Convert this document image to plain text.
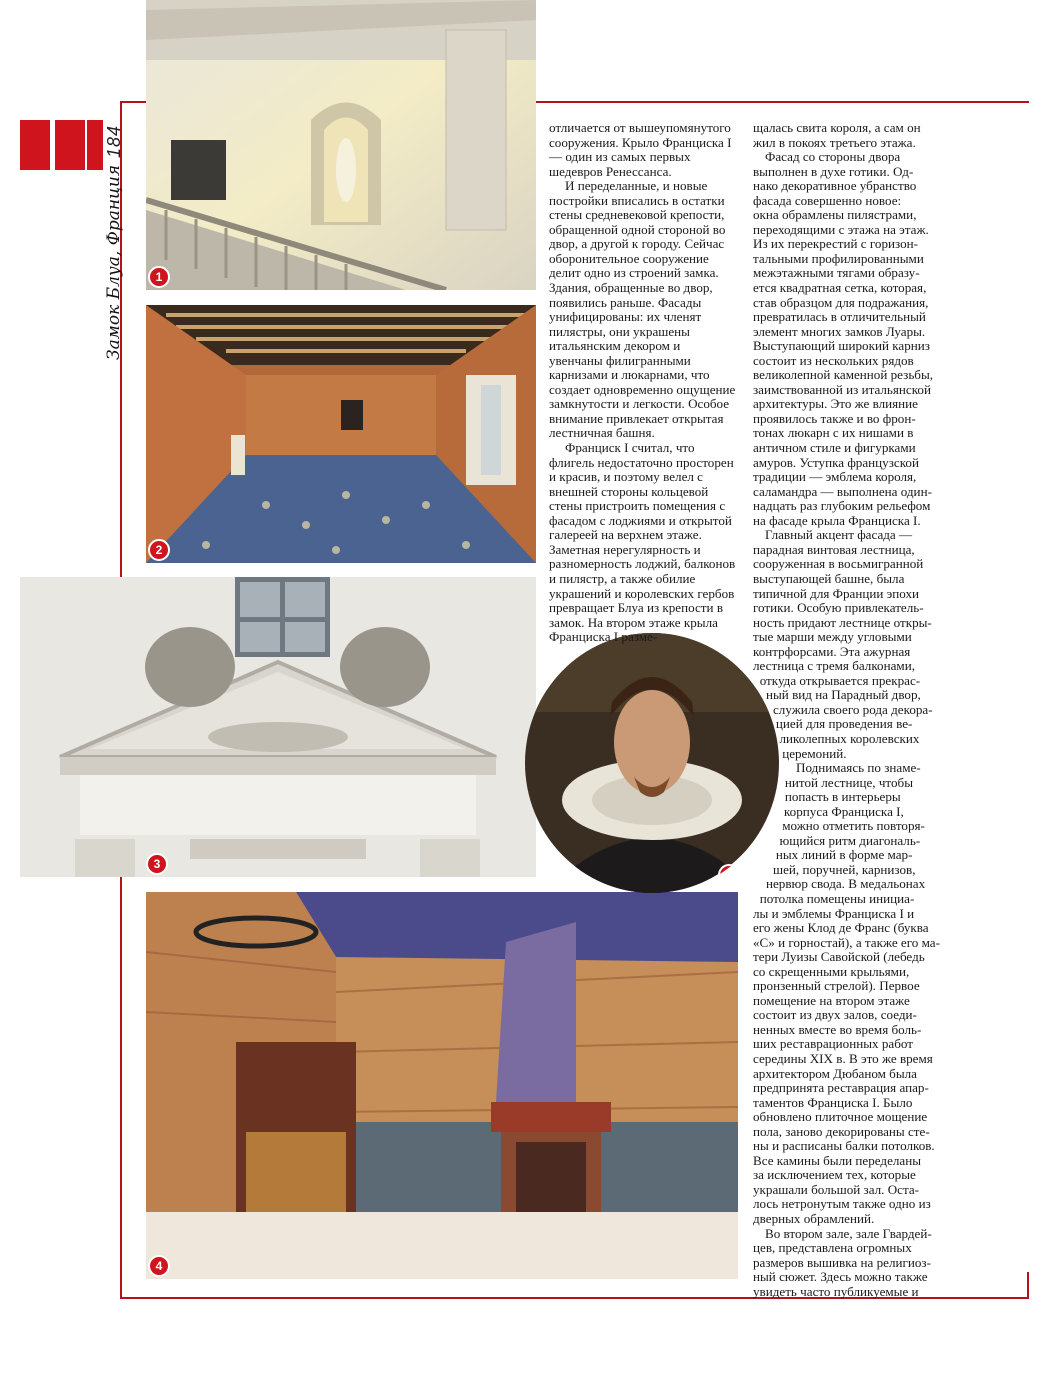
184
Замок Блуа, Франция	1
2
3
4
5

отличается от вышеупомянутого сооружения. Крыло Франциска I — один из самых первых шедевров Ренессанса.

И переделанные, и новые постройки вписались в остатки стены средневековой крепости, обращенной одной стороной во двор, а другой к городу. Сейчас оборонительное сооружение делит одно из строений замка. Здания, обращенные во двор, появились раньше. Фасады унифицированы: их членят пилястры, они украшены итальянским декором и увенчаны филигранными карнизами и люкарнами, что создает одновременно ощущение замкнутости и легкости. Особое внимание привлекает открытая лестничная башня.

Франциск I считал, что флигель недостаточно просторен и красив, и поэтому велел с внешней стороны кольцевой стены пристроить помещения с фасадом с лоджиями и открытой галереей на верхнем этаже. Заметная нерегулярность и разномерность лоджий, балконов и пилястр, а также обилие украшений и королевских гербов превращает Блуа из крепости в замок. На втором этаже крыла Франциска I разме-

щалась свита короля, а сам он
жил в покоях третьего этажа.
Фасад со стороны двора
выполнен в духе готики. Од-
нако декоративное убранство
фасада совершенно новое:
окна обрамлены пилястрами,
переходящими с этажа на этаж.
Из их перекрестий с горизон-
тальными профилированными
межэтажными тягами образу-
ется квадратная сетка, которая,
став образцом для подражания,
превратилась в отличительный
элемент многих замков Луары.
Выступающий широкий карниз
состоит из нескольких рядов
великолепной каменной резьбы,
заимствованной из итальянской
архитектуры. Это же влияние
проявилось также и во фрон-
тонах люкарн с их нишами в
античном стиле и фигурками
амуров. Уступка французской
традиции — эмблема короля,
саламандра — выполнена один-
надцать раз глубоким рельефом
на фасаде крыла Франциска I.
Главный акцент фасада —
парадная винтовая лестница,
сооруженная в восьмигранной
выступающей башне, была
типичной для Франции эпохи
готики. Особую привлекатель-
ность придают лестнице откры-
тые марши между угловыми
контрфорсами. Эта ажурная
лестница с тремя балконами,
откуда открывается прекрас-
ный вид на Парадный двор,
служила своего рода декора-
цией для проведения ве-
ликолепных королевских
церемоний.
Поднимаясь по знаме-
нитой лестнице, чтобы
попасть в интерьеры
корпуса Франциска I,
можно отметить повторя-
ющийся ритм диагональ-
ных линий в форме мар-
шей, поручней, карнизов,
нервюр свода. В медальонах
потолка помещены инициа-
лы и эмблемы Франциска I и
его жены Клод де Франс (буква
«С» и горностай), а также его ма-
тери Луизы Савойской (лебедь
со скрещенными крыльями,
пронзенный стрелой). Первое
помещение на втором этаже
состоит из двух залов, соеди-
ненных вместе во время боль-
ших реставрационных работ
середины XIX в. В это же время
архитектором Дюбаном была
предпринята реставрация апар-
таментов Франциска I. Было
обновлено плиточное мощение
пола, заново декорированы сте-
ны и расписаны балки потолков.
Все камины были переделаны
за исключением тех, которые
украшали большой зал. Оста-
лось нетронутым также одно из
дверных обрамлений.
Во втором зале, зале Гвардей-
цев, представлена огромных
размеров вышивка на религиоз-
ный сюжет. Здесь можно также
увидеть часто публикуемые и
